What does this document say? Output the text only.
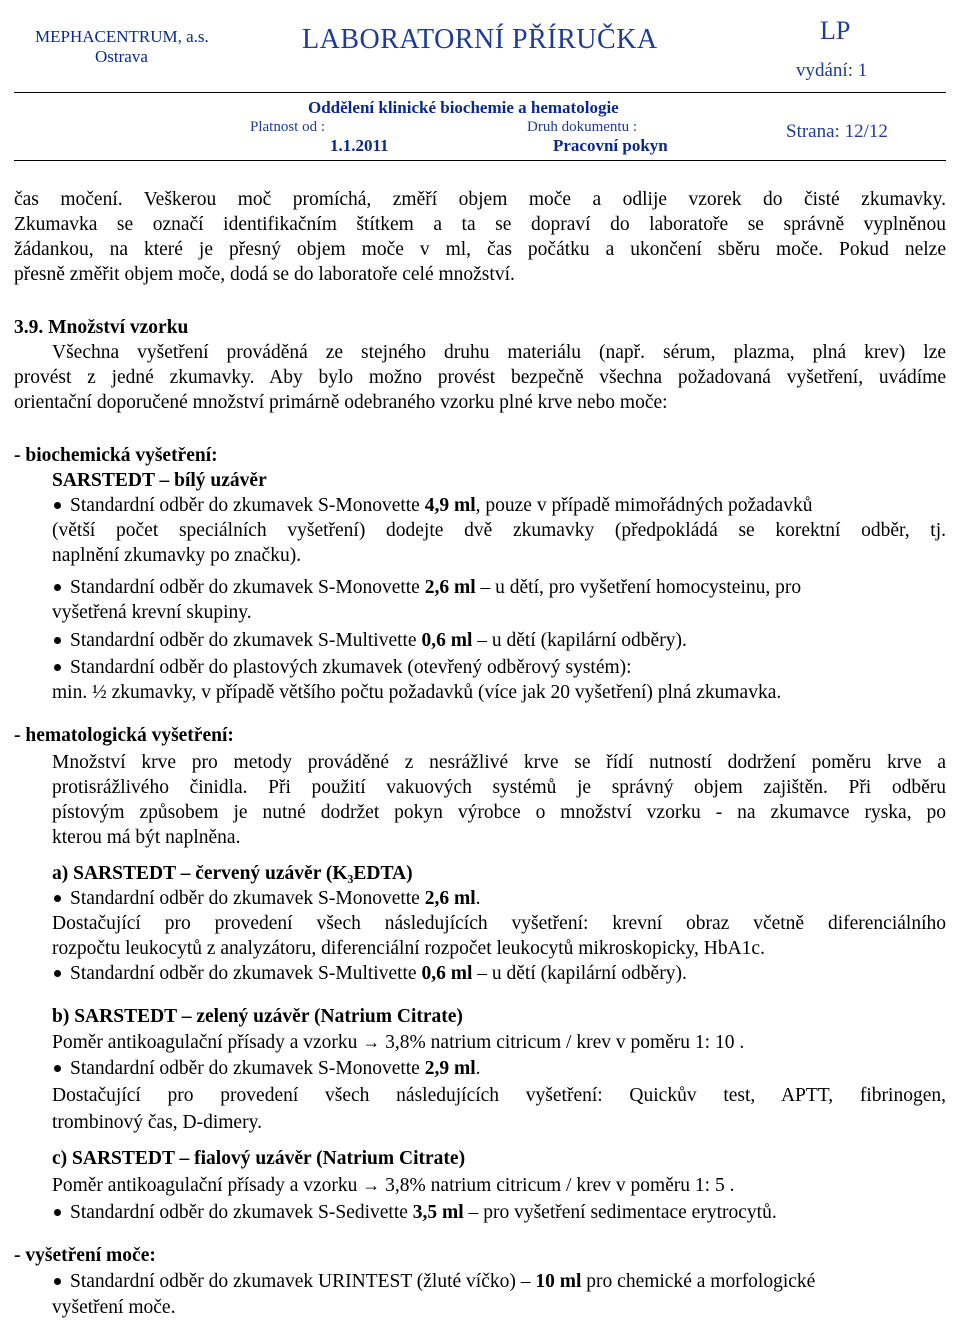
MEPHACENTRUM, a.s.
Ostrava
LABORATORNÍ PŘÍRUČKA	LP
vydání: 1
Oddělení klinické biochemie a hematologie
Platnost od :
1.1.2011
Druh dokumentu :
Pracovní pokyn
Strana: 12/12
čas močení. Veškerou moč promíchá, změří objem moče a odlije vzorek do čisté zkumavky.
Zkumavka se označí identifikačním štítkem a ta se dopraví do laboratoře se správně vyplněnou
žádankou, na které je přesný objem moče v ml, čas počátku a ukončení sběru moče. Pokud nelze
přesně změřit objem moče, dodá se do laboratoře celé množství.
3.9. Množství vzorku
Všechna vyšetření prováděná ze stejného druhu materiálu (např. sérum, plazma, plná krev) lze
provést z jedné zkumavky. Aby bylo možno provést bezpečně všechna požadovaná vyšetření, uvádíme
orientační doporučené množství primárně odebraného vzorku plné krve nebo moče:
- biochemická vyšetření:
SARSTEDT – bílý uzávěr
Standardní odběr do zkumavek S-Monovette 4,9 ml, pouze v případě mimořádných požadavků
(větší počet speciálních vyšetření) dodejte dvě zkumavky (předpokládá se korektní odběr, tj.
naplnění zkumavky po značku).
Standardní odběr do zkumavek S-Monovette 2,6 ml – u dětí, pro vyšetření homocysteinu, pro
vyšetřená krevní skupiny.
Standardní odběr do zkumavek S-Multivette 0,6 ml – u dětí (kapilární odběry).
Standardní odběr do plastových zkumavek (otevřený odběrový systém):
min. ½ zkumavky, v případě většího počtu požadavků (více jak 20 vyšetření) plná zkumavka.
- hematologická vyšetření:
Množství krve pro metody prováděné z nesrážlivé krve se řídí nutností dodržení poměru krve a
protisrážlivého činidla. Při použití vakuových systémů je správný objem zajištěn. Při odběru
pístovým způsobem je nutné dodržet pokyn výrobce o množství vzorku - na zkumavce ryska, po
kterou má být naplněna.
a) SARSTEDT – červený uzávěr (K₃EDTA)
Standardní odběr do zkumavek S-Monovette 2,6 ml.
Dostačující pro provedení všech následujících vyšetření: krevní obraz včetně diferenciálního
rozpočtu leukocytů z analyzátoru, diferenciální rozpočet leukocytů mikroskopicky, HbA1c.
Standardní odběr do zkumavek S-Multivette 0,6 ml – u dětí (kapilární odběry).
b) SARSTEDT – zelený uzávěr (Natrium Citrate)
Poměr antikoagulační přísady a vzorku → 3,8% natrium citricum / krev v poměru 1: 10 .
Standardní odběr do zkumavek S-Monovette 2,9 ml.
Dostačující pro provedení všech následujících vyšetření: Quickův test, APTT, fibrinogen,
trombinový čas, D-dimery.
c) SARSTEDT – fialový uzávěr (Natrium Citrate)
Poměr antikoagulační přísady a vzorku → 3,8% natrium citricum / krev v poměru 1: 5 .
Standardní odběr do zkumavek S-Sedivette 3,5 ml – pro vyšetření sedimentace erytrocytů.
- vyšetření moče:
Standardní odběr do zkumavek URINTEST (žluté víčko) – 10 ml pro chemické a morfologické
vyšetření moče.
